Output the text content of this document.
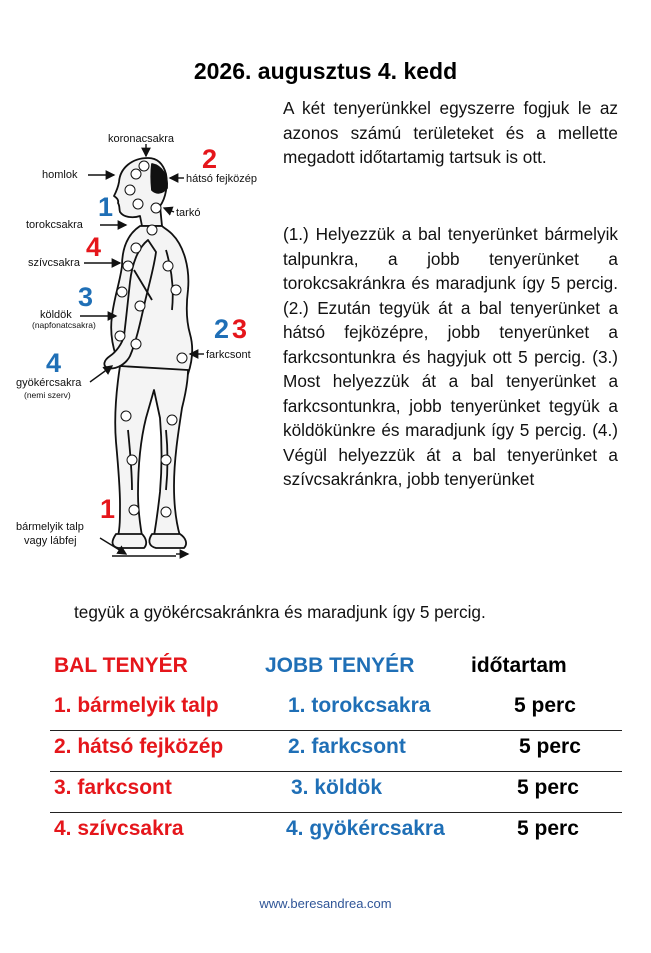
2026. augusztus 4. kedd
koronacsakra
homlok
2
hátsó fejközép
tarkó
1
torokcsakra
4
szívcsakra
3
köldök
(napfonatcsakra)	2 3
farkcsont
4
gyökércsakra
(nemi szerv)
1
bármelyik talp
vagy lábfej
A két tenyerünkkel egyszerre fogjuk le az azonos számú területeket és a mellette megadott időtartamig tartsuk is ott.
(1.) Helyezzük a bal tenyerünket bármelyik talpunkra, a jobb tenyerünket a torokcsakránkra és maradjunk így 5 percig. (2.) Ezután tegyük át a bal tenyerünket a hátsó fejközépre, jobb tenyerünket a farkcsontunkra és hagyjuk ott 5 percig. (3.) Most helyezzük át a bal tenyerünket a farkcsontunkra, jobb tenyerünket tegyük a köldökünkre és maradjunk így 5 percig. (4.) Végül helyezzük át a bal tenyerünket a szívcsakránkra, jobb tenyerünket
tegyük a gyökércsakránkra és maradjunk így 5 percig.
BAL TENYÉR	JOBB TENYÉR	időtartam
1. bármelyik talp	1. torokcsakra	5 perc
2. hátsó fejközép	2. farkcsont	5 perc
3. farkcsont	3. köldök	5 perc
4. szívcsakra	4. gyökércsakra	5 perc
www.beresandrea.com
